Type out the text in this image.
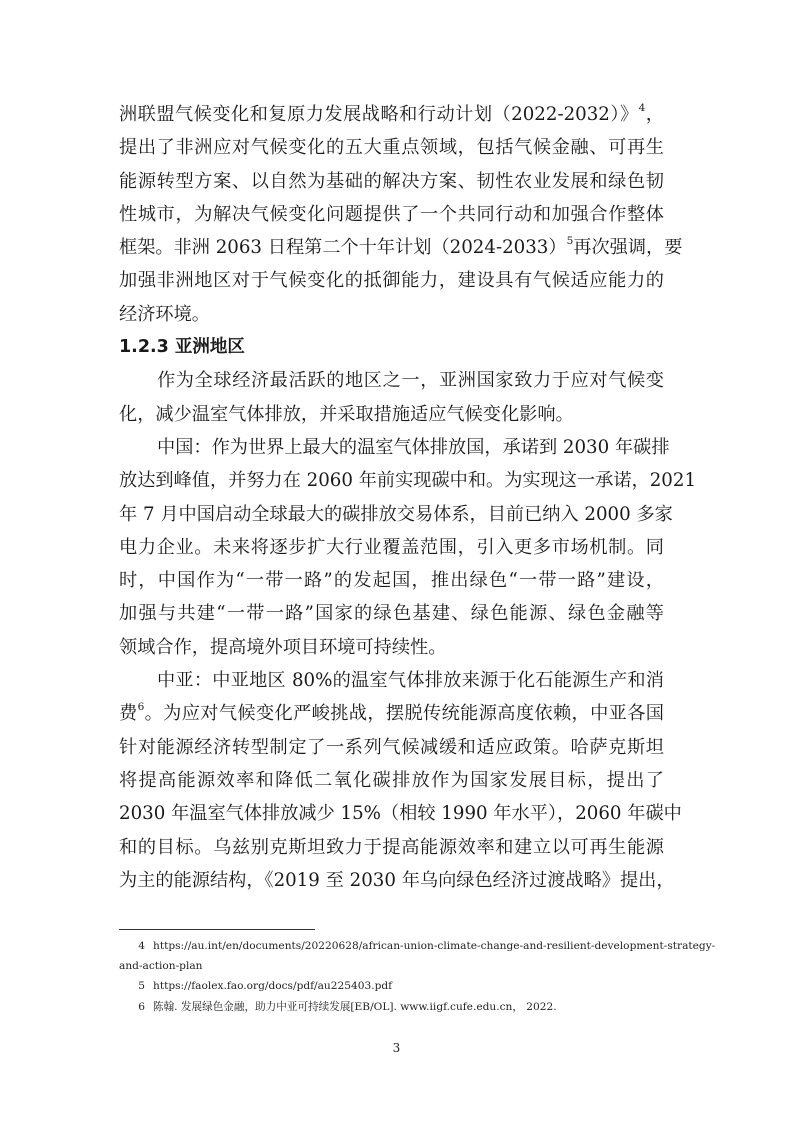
洲联盟气候变化和复原力发展战略和行动计划（2022-2032）》$^4$，
提出了非洲应对气候变化的五大重点领域，包括气候金融、可再生
能源转型方案、以自然为基础的解决方案、韧性农业发展和绿色韧
性城市，为解决气候变化问题提供了一个共同行动和加强合作整体
框架。非洲 2063 日程第二个十年计划（2024-2033）$^5$再次强调，要
加强非洲地区对于气候变化的抵御能力，建设具有气候适应能力的
经济环境。
1.2.3 亚洲地区
作为全球经济最活跃的地区之一，亚洲国家致力于应对气候变
化，减少温室气体排放，并采取措施适应气候变化影响。
中国：作为世界上最大的温室气体排放国，承诺到 2030 年碳排
放达到峰值，并努力在 2060 年前实现碳中和。为实现这一承诺，2021
年 7 月中国启动全球最大的碳排放交易体系，目前已纳入 2000 多家
电力企业。未来将逐步扩大行业覆盖范围，引入更多市场机制。同
时，中国作为“一带一路”的发起国，推出绿色“一带一路”建设，
加强与共建“一带一路”国家的绿色基建、绿色能源、绿色金融等
领域合作，提高境外项目环境可持续性。
中亚：中亚地区 80%的温室气体排放来源于化石能源生产和消
费$^6$。为应对气候变化严峻挑战，摆脱传统能源高度依赖，中亚各国
针对能源经济转型制定了一系列气候减缓和适应政策。哈萨克斯坦
将提高能源效率和降低二氧化碳排放作为国家发展目标，提出了
2030 年温室气体排放减少 15%（相较 1990 年水平），2060 年碳中
和的目标。乌兹别克斯坦致力于提高能源效率和建立以可再生能源
为主的能源结构，《2019 至 2030 年乌向绿色经济过渡战略》提出，
4 https://au.int/en/documents/20220628/african-union-climate-change-and-resilient-development-strategy-
and-action-plan
5 https://faolex.fao.org/docs/pdf/au225403.pdf
6 陈翰. 发展绿色金融，助力中亚可持续发展[EB/OL]. www.iigf.cufe.edu.cn， 2022.
3
